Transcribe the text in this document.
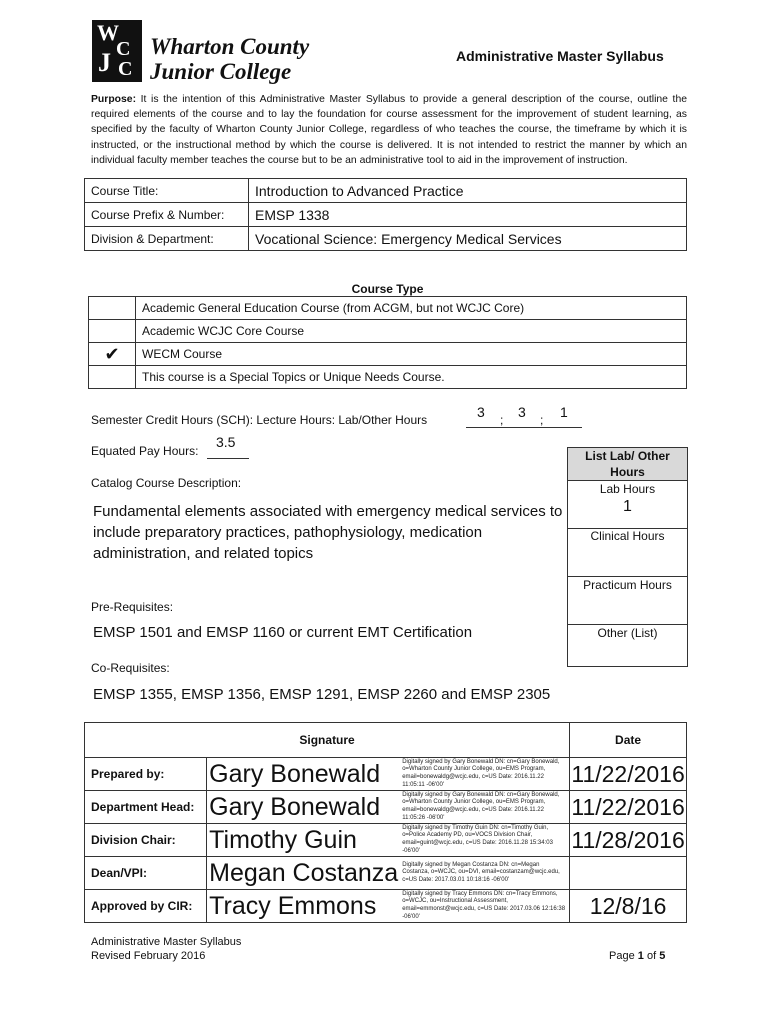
W
C
J C
Wharton County
Junior College
Administrative Master Syllabus
Purpose: It is the intention of this Administrative Master Syllabus to provide a general description of the course, outline the required elements of the course and to lay the foundation for course assessment for the improvement of student learning, as specified by the faculty of Wharton County Junior College, regardless of who teaches the course, the timeframe by which it is instructed, or the instructional method by which the course is delivered. It is not intended to restrict the manner by which an individual faculty member teaches the course but to be an administrative tool to aid in the improvement of instruction.
Course Title:	Introduction to Advanced Practice
Course Prefix & Number:	EMSP 1338
Division & Department:	Vocational Science: Emergency Medical Services
Course Type	
	Academic General Education Course (from ACGM, but not WCJC Core)
	Academic WCJC Core Course
✔	WECM Course
	This course is a Special Topics or Unique Needs Course.
Semester Credit Hours (SCH): Lecture Hours: Lab/Other Hours	3 ; 3 ; 1
Equated Pay Hours:
3.5
List Lab/ Other Hours
Lab Hours
1
Clinical Hours
Practicum Hours
Other (List)
Catalog Course Description:
Fundamental elements associated with emergency medical services to include preparatory practices, pathophysiology, medication administration, and related topics
Pre-Requisites:
EMSP 1501 and EMSP 1160 or current EMT Certification
Co-Requisites:
EMSP 1355, EMSP 1356, EMSP 1291, EMSP 2260 and EMSP 2305
Signature			Date
Prepared by:	Gary Bonewald	Digitally signed by Gary Bonewald DN: cn=Gary Bonewald, o=Wharton County Junior College, ou=EMS Program, email=bonewaldg@wcjc.edu, c=US Date: 2016.11.22 11:05:11 -06'00'	11/22/2016
Department Head:	Gary Bonewald	Digitally signed by Gary Bonewald DN: cn=Gary Bonewald, o=Wharton County Junior College, ou=EMS Program, email=bonewaldg@wcjc.edu, c=US Date: 2016.11.22 11:05:26 -06'00'	11/22/2016
Division Chair:	Timothy Guin	Digitally signed by Timothy Guin DN: cn=Timothy Guin, o=Police Academy PD, ou=VOCS Division Chair, email=guint@wcjc.edu, c=US Date: 2016.11.28 15:34:03 -06'00'	11/28/2016
Dean/VPI:	Megan Costanza	Digitally signed by Megan Costanza DN: cn=Megan Costanza, o=WCJC, ou=DVI, email=costanzam@wcjc.edu, c=US Date: 2017.03.01 10:18:16 -06'00'	
Approved by CIR:	Tracy Emmons	Digitally signed by Tracy Emmons DN: cn=Tracy Emmons, o=WCJC, ou=Instructional Assessment, email=emmonst@wcjc.edu, c=US Date: 2017.03.06 12:16:38 -06'00'	12/8/16
Administrative Master Syllabus
Revised February 2016	Page 1 of 5
